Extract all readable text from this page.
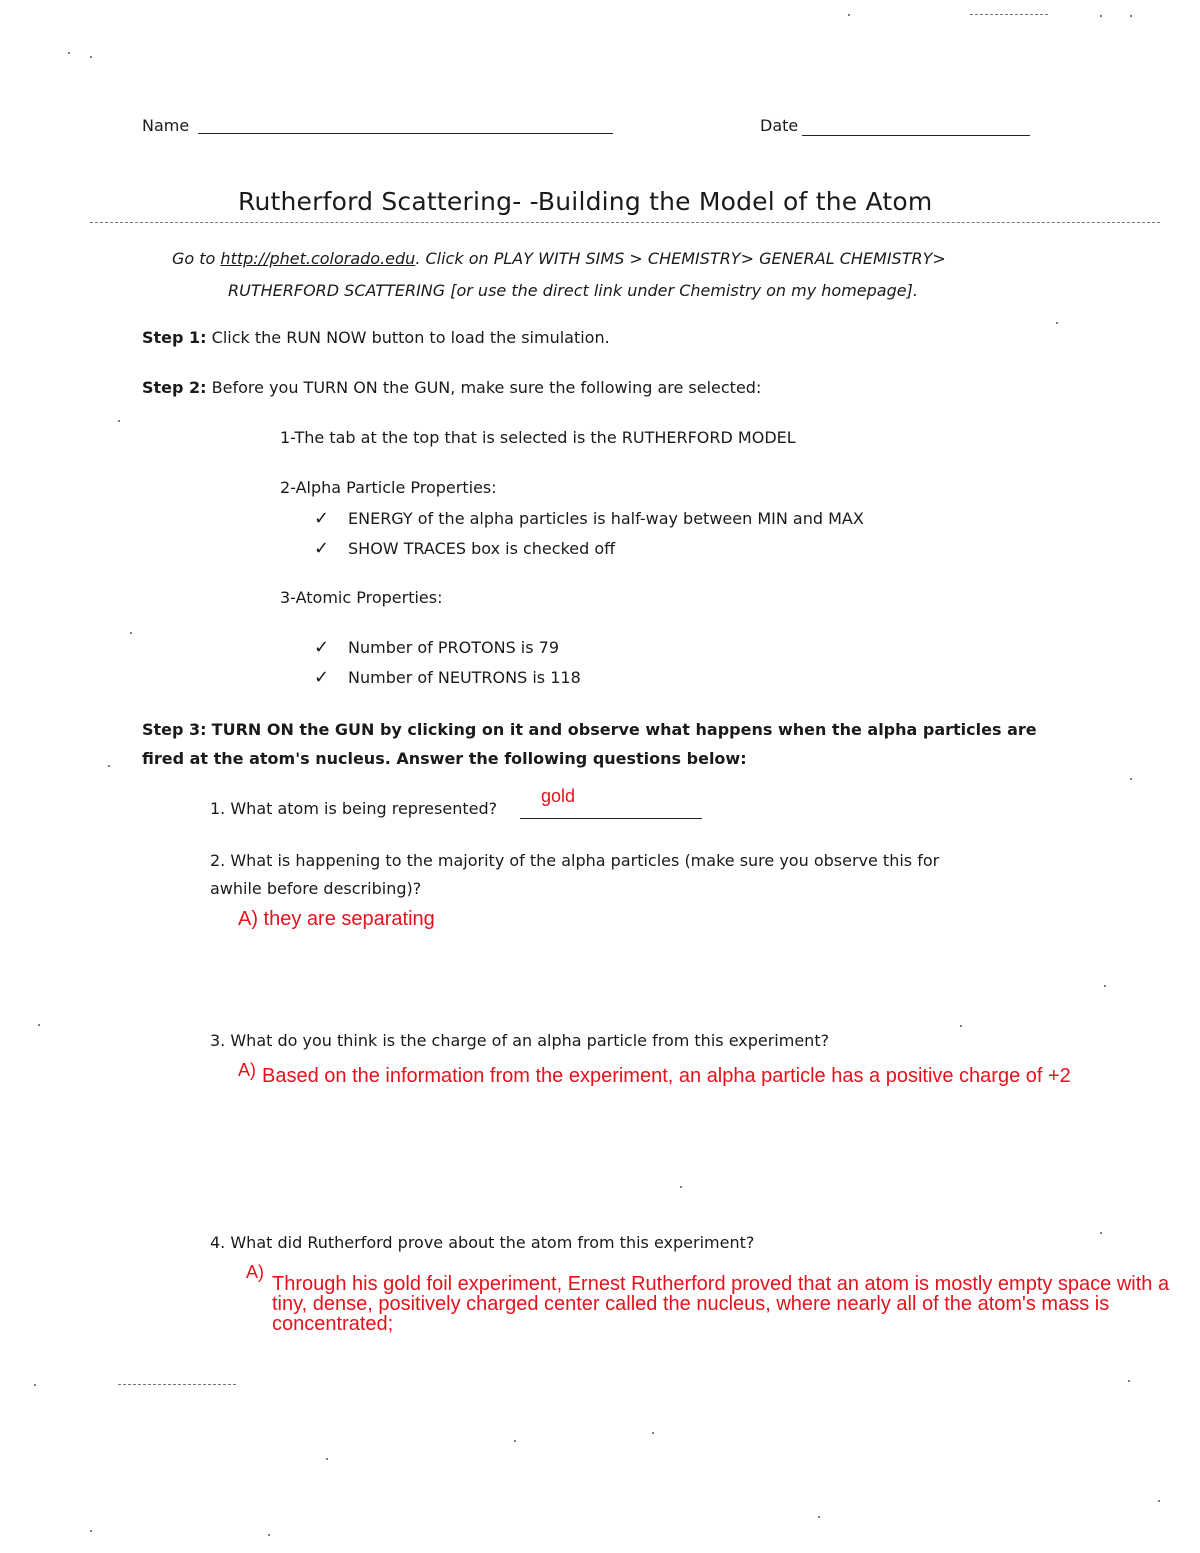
Name	Date
Rutherford Scattering- -Building the Model of the Atom
Go to http://phet.colorado.edu. Click on PLAY WITH SIMS > CHEMISTRY> GENERAL CHEMISTRY>
RUTHERFORD SCATTERING [or use the direct link under Chemistry on my homepage].
Step 1: Click the RUN NOW button to load the simulation.
Step 2: Before you TURN ON the GUN, make sure the following are selected:
1-The tab at the top that is selected is the RUTHERFORD MODEL
2-Alpha Particle Properties:
✓ ENERGY of the alpha particles is half-way between MIN and MAX
✓ SHOW TRACES box is checked off
3-Atomic Properties:
✓ Number of PROTONS is 79
✓ Number of NEUTRONS is 118
Step 3: TURN ON the GUN by clicking on it and observe what happens when the alpha particles are
fired at the atom's nucleus. Answer the following questions below:
1. What atom is being represented?
gold
2. What is happening to the majority of the alpha particles (make sure you observe this for
awhile before describing)?
A) they are separating
3. What do you think is the charge of an alpha particle from this experiment?
A) Based on the information from the experiment, an alpha particle has a positive charge of +2
4. What did Rutherford prove about the atom from this experiment?
A)
Through his gold foil experiment, Ernest Rutherford proved that an atom is mostly empty space with a tiny, dense, positively charged center called the nucleus, where nearly all of the atom's mass is concentrated;
